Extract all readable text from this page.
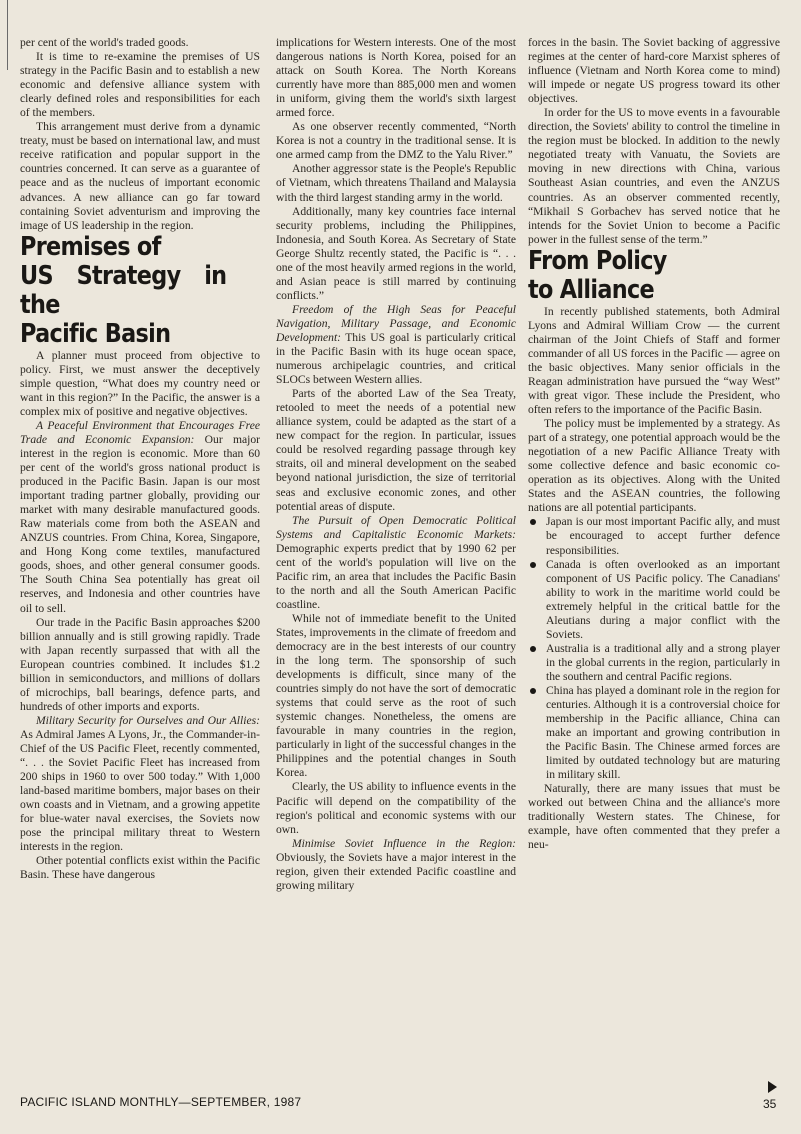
per cent of the world's traded goods.

It is time to re-examine the premises of US strategy in the Pacific Basin and to establish a new economic and defensive alliance system with clearly defined roles and responsibilities for each of the members.

This arrangement must derive from a dynamic treaty, must be based on international law, and must receive ratification and popular support in the countries concerned. It can serve as a guarantee of peace and as the nucleus of important economic advances. A new alliance can go far toward containing Soviet adventurism and improving the image of US leadership in the region.

Premises of
US Strategy in the
Pacific Basin

A planner must proceed from objective to policy. First, we must answer the deceptively simple question, “What does my country need or want in this region?” In the Pacific, the answer is a complex mix of positive and negative objectives.

A Peaceful Environment that Encourages Free Trade and Economic Expansion: Our major interest in the region is economic. More than 60 per cent of the world's gross national product is produced in the Pacific Basin. Japan is our most important trading partner globally, providing our market with many desirable manufactured goods. Raw materials come from both the ASEAN and ANZUS countries. From China, Korea, Singapore, and Hong Kong come textiles, manufactured goods, shoes, and other general consumer goods. The South China Sea potentially has great oil reserves, and Indonesia and other countries have oil to sell.

Our trade in the Pacific Basin approaches $200 billion annually and is still growing rapidly. Trade with Japan recently surpassed that with all the European countries combined. It includes $1.2 billion in semiconductors, and millions of dollars of microchips, ball bearings, defence parts, and hundreds of other imports and exports.

Military Security for Ourselves and Our Allies: As Admiral James A Lyons, Jr., the Commander-in-Chief of the US Pacific Fleet, recently commented, “. . . the Soviet Pacific Fleet has increased from 200 ships in 1960 to over 500 today.” With 1,000 land-based maritime bombers, major bases on their own coasts and in Vietnam, and a growing appetite for blue-water naval exercises, the Soviets now pose the principal military threat to Western interests in the region.

Other potential conflicts exist within the Pacific Basin. These have dangerous

implications for Western interests. One of the most dangerous nations is North Korea, poised for an attack on South Korea. The North Koreans currently have more than 885,000 men and women in uniform, giving them the world's sixth largest armed force.

As one observer recently commented, “North Korea is not a country in the traditional sense. It is one armed camp from the DMZ to the Yalu River.”

Another aggressor state is the People's Republic of Vietnam, which threatens Thailand and Malaysia with the third largest standing army in the world.

Additionally, many key countries face internal security problems, including the Philippines, Indonesia, and South Korea. As Secretary of State George Shultz recently stated, the Pacific is “. . . one of the most heavily armed regions in the world, and Asian peace is still marred by continuing conflicts.”

Freedom of the High Seas for Peaceful Navigation, Military Passage, and Economic Development: This US goal is particularly critical in the Pacific Basin with its huge ocean space, numerous archipelagic countries, and critical SLOCs between Western allies.

Parts of the aborted Law of the Sea Treaty, retooled to meet the needs of a potential new alliance system, could be adapted as the start of a new compact for the region. In particular, issues could be resolved regarding passage through key straits, oil and mineral development on the seabed beyond national jurisdiction, the size of territorial seas and exclusive economic zones, and other potential areas of dispute.

The Pursuit of Open Democratic Political Systems and Capitalistic Economic Markets: Demographic experts predict that by 1990 62 per cent of the world's population will live on the Pacific rim, an area that includes the Pacific Basin to the north and all the South American Pacific coastline.

While not of immediate benefit to the United States, improvements in the climate of freedom and democracy are in the best interests of our country in the long term. The sponsorship of such developments is difficult, since many of the countries simply do not have the sort of democratic systems that could serve as the root of such systemic changes. Nonetheless, the omens are favourable in many countries in the region, particularly in light of the successful changes in the Philippines and the potential changes in South Korea.

Clearly, the US ability to influence events in the Pacific will depend on the compatibility of the region's political and economic systems with our own.

Minimise Soviet Influence in the Region: Obviously, the Soviets have a major interest in the region, given their extended Pacific coastline and growing military

forces in the basin. The Soviet backing of aggressive regimes at the center of hard-core Marxist spheres of influence (Vietnam and North Korea come to mind) will impede or negate US progress toward its other objectives.

In order for the US to move events in a favourable direction, the Soviets' ability to control the timeline in the region must be blocked. In addition to the newly negotiated treaty with Vanuatu, the Soviets are moving in new directions with China, various Southeast Asian countries, and even the ANZUS countries. As an observer commented recently, “Mikhail S Gorbachev has served notice that he intends for the Soviet Union to become a Pacific power in the fullest sense of the term.”

From Policy
to Alliance

In recently published statements, both Admiral Lyons and Admiral William Crow — the current chairman of the Joint Chiefs of Staff and former commander of all US forces in the Pacific — agree on the basic objectives. Many senior officials in the Reagan administration have pursued the “way West” with great vigor. These include the President, who often refers to the importance of the Pacific Basin.

The policy must be implemented by a strategy. As part of a strategy, one potential approach would be the negotiation of a new Pacific Alliance Treaty with some collective defence and basic economic co-operation as its objectives. Along with the United States and the ASEAN countries, the following nations are all potential participants.

Japan is our most important Pacific ally, and must be encouraged to accept further defence responsibilities.
Canada is often overlooked as an important component of US Pacific policy. The Canadians' ability to work in the maritime world could be extremely helpful in the critical battle for the Aleutians during a major conflict with the Soviets.
Australia is a traditional ally and a strong player in the global currents in the region, particularly in the southern and central Pacific regions.
China has played a dominant role in the region for centuries. Although it is a controversial choice for membership in the Pacific alliance, China can make an important and growing contribution in the Pacific Basin. The Chinese armed forces are limited by outdated technology but are maturing in military skill.

Naturally, there are many issues that must be worked out between China and the alliance's more traditionally Western states. The Chinese, for example, have often commented that they prefer a neu-

PACIFIC ISLAND MONTHLY—SEPTEMBER, 1987	35
